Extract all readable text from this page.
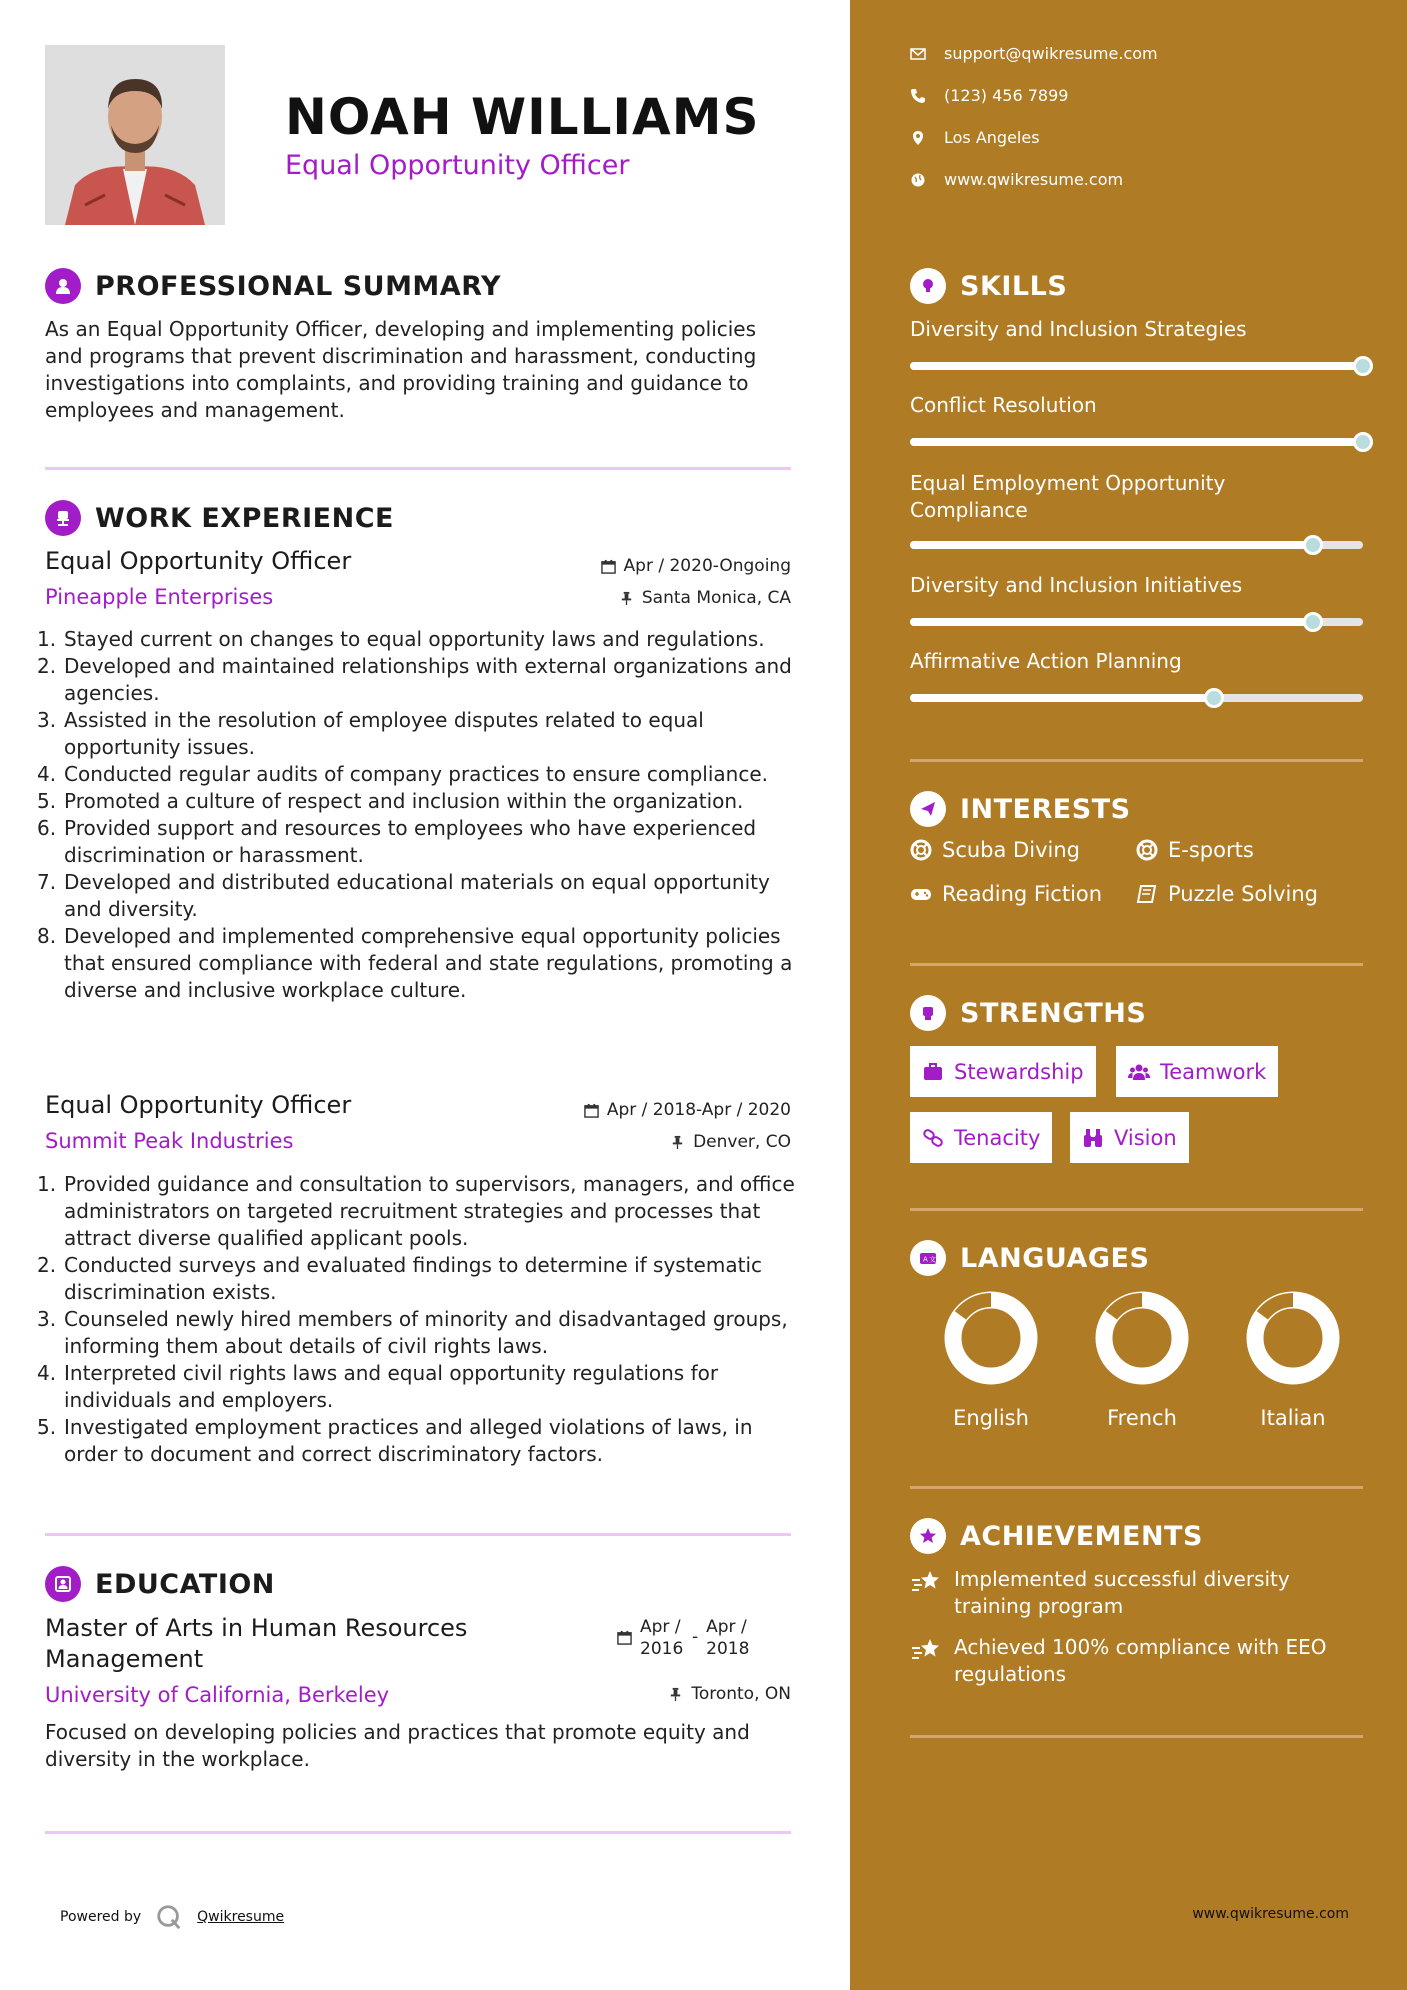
NOAH WILLIAMS
Equal Opportunity Officer
PROFESSIONAL SUMMARY
As an Equal Opportunity Officer, developing and implementing policies and programs that prevent discrimination and harassment, conducting investigations into complaints, and providing training and guidance to employees and management.
WORK EXPERIENCE
Equal Opportunity Officer	Apr / 2020-Ongoing
Pineapple Enterprises	Santa Monica, CA
Stayed current on changes to equal opportunity laws and regulations.
Developed and maintained relationships with external organizations and agencies.
Assisted in the resolution of employee disputes related to equal opportunity issues.
Conducted regular audits of company practices to ensure compliance.
Promoted a culture of respect and inclusion within the organization.
Provided support and resources to employees who have experienced discrimination or harassment.
Developed and distributed educational materials on equal opportunity and diversity.
Developed and implemented comprehensive equal opportunity policies that ensured compliance with federal and state regulations, promoting a diverse and inclusive workplace culture.
Equal Opportunity Officer	Apr / 2018-Apr / 2020
Summit Peak Industries	Denver, CO
Provided guidance and consultation to supervisors, managers, and office administrators on targeted recruitment strategies and processes that attract diverse qualified applicant pools.
Conducted surveys and evaluated findings to determine if systematic discrimination exists.
Counseled newly hired members of minority and disadvantaged groups, informing them about details of civil rights laws.
Interpreted civil rights laws and equal opportunity regulations for individuals and employers.
Investigated employment practices and alleged violations of laws, in order to document and correct discriminatory factors.
EDUCATION
Master of Arts in Human Resources Management
Apr / 2016
- Apr / 2018
University of California, Berkeley	Toronto, ON
Focused on developing policies and practices that promote equity and diversity in the workplace.
Powered by	Qwikresume
support@qwikresume.com
(123) 456 7899
Los Angeles
www.qwikresume.com
SKILLS
Diversity and Inclusion Strategies
Conflict Resolution
Equal Employment Opportunity Compliance
Diversity and Inclusion Initiatives
Affirmative Action Planning
INTERESTS
Scuba Diving	E-sports
Reading Fiction	Puzzle Solving
STRENGTHS
Stewardship	Teamwork
Tenacity	Vision
A 文 LANGUAGES
English	French	Italian
ACHIEVEMENTS
Implemented successful diversity training program
Achieved 100% compliance with EEO regulations
www.qwikresume.com
